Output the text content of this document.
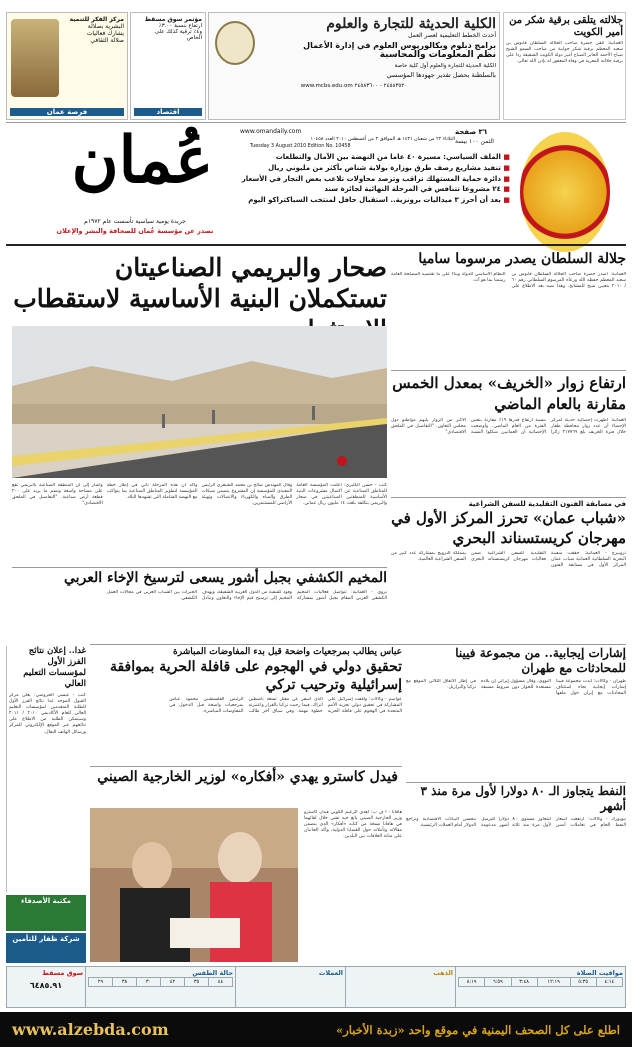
جلالته يتلقى برقية شكر من أمير الكويت
العمانية: تلقى حضرة صاحب الجلالة السلطان قابوس بن سعيد المعظم برقية شكر جوابية من صاحب السمو الشيخ صباح الأحمد الجابر الصباح أمير دولة الكويت الشقيقة ردا على برقية جلالته المعزية في وفاة المغفور له بإذن الله تعالى.
الكلية الحديثة للتجارة والعلوم
أحدث الخطط التعليمية لعصر العمل
برامج دبلوم وبكالوريوس العلوم في إدارة الأعمال
نظم المعلومات والمحاسبة
الكلية الحديثة للتجارة والعلوم أول كلية خاصة
بالسلطنة بحصل تقدير جهودها المؤسسي
www.mcbs.edu.om ٢٤٥٨٣٥٢٠ - ٢٤٥٨٣٦٠٠
مؤتمر سوق مسقط
ارتفاع بنسبة ٣.٠٠٪
و٤٪ ترقية كذلك على
الخاص
اقتصاد
مركز الفكر للتنمية
البشرية بصلالة
يشارك فعاليات
صلالة الثقافي
فرصة عمان
٣٦ صفحة
الثمن ١٠٠ بيسة
www.omandaily.com
الثلاثاء ٢٢ من شعبان ١٤٣١ هـ الموافق ٣ من أغسطس ٢٠١٠ العدد ١٠٤٥٨
Tuesday 3 August 2010 Edition No. 10458
■ الملف السياسي: مسيرة ٤٠ عاما من النهضة بين الآمال والتطلعات
■ تنفيذ مشاريع رصف طرق بوزارة بولاية شناص بأكثر من مليوني ريال
■ دائرة حماية المستهلك تراقب وترصد محاولات تلاعب بعض التجار في الأسعار
■ ٢٤ مشروعا تتنافس في المرحلة النهائية لجائزة سند
■ بعد أن أحرز ٣ ميداليات برونزية.. استقبال حافل لمنتخب السباكتراكو اليوم
عُمان
جريدة يومية سياسية تأسست عام ١٩٧٢م
تصدر عن مؤسسة عُمان للصحافة والنشر والإعلان
جلالة السلطان يصدر مرسوما ساميا
العمانية: أصدر حضرة صاحب الجلالة السلطان قابوس بن سعيد المعظم حفظه الله ورعاه المرسوم السلطاني رقم ٦٠ / ٢٠١٠ بتعيين شيخ للمشايخ. وهذا نصه بعد الاطلاع على النظام الأساسي للدولة وبناء على ما تقتضيه المصلحة العامة رسمنا بما هو آت.
صحار والبريمي الصناعيتان تستكملان البنية الأساسية لاستقطاب
كتب - حسن الكثيري: أعلنت المؤسسة العامة للمناطق الصناعية عن اكتمال مشروعات البنية الأساسية للمنطقتين الصناعيتين في صحار والبريمي بتكلفة بلغت ١٤ مليون ريال عماني.
وقال المهندس صالح بن محمد الشنفري الرئيس التنفيذي للمؤسسة إن المشروع يتضمن شبكات الطرق والمياه والكهرباء والاتصالات وتهيئة الأراضي للمستثمرين.
وأكد أن هذه المرحلة تأتي في إطار خطة المؤسسة لتطوير المناطق الصناعية بما يتواكب مع النهضة الشاملة التي تشهدها البلاد.
وأشار إلى أن المنطقة الصناعية بالبريمي تقع على مساحة واسعة وتضم ما يزيد على ٢٠٠ قطعة أرض صناعية. "التفاصيل في الملحق الاقتصادي"
ارتفاع زوار «الخريف» بمعدل الخمس مقارنة بالعام الماضي
العمانية: أظهرت إحصائية حديثة لمركز الإحصاء أن عدد زوار محافظة ظفار خلال فترة الخريف بلغ ٢١٧٧٦٩ زائرا بنسبة ارتفاع قدرها ١٩٪ مقارنة بنفس الفترة من العام الماضي. وأوضحت الإحصائية أن العمانيين شكلوا النسبة الأكبر من الزوار يليهم مواطنو دول مجلس التعاون. "التفاصيل في الملحق الاقتصادي"
في مسابقة الفنون التقليدية للسفن الشراعية
«شباب عمان» تحرز المركز الأول في مهرجان كريستسناند البحري
تروبيرج - العمانية: حققت سفينة البحرية السلطانية العمانية شباب عمان المركز الأول في مسابقة الفنون التقليدية للسفن الشراعية ضمن فعاليات مهرجان كريستسناند البحري بمملكة النرويج بمشاركة عدد كبير من السفن الشراعية العالمية.
المخيم الكشفي بجبل أشور يسعى لترسيخ الإخاء العربي
نزوى - العمانية: تتواصل فعاليات المخيم الكشفي العربي المقام بجبل أشور بمشاركة وفود كشفية من الدول العربية الشقيقة، ويهدف المخيم إلى ترسيخ قيم الإخاء والتعاون وتبادل الخبرات بين الشباب العربي في مجالات العمل الكشفي.
غدا.. إعلان نتائج الفرز الأول لمؤسسات التعليم العالي
كتب - عيسى الخروصي: يعلن مركز القبول الموحد غدا نتائج الفرز الأول للطلبة المتقدمين لمؤسسات التعليم العالي للعام الأكاديمي ٢٠١٠ / ٢٠١١ وسيتمكن الطلبة من الاطلاع على نتائجهم عبر الموقع الإلكتروني للمركز ورسائل الهاتف النقال.
عباس يطالب بمرجعيات واضحة قبل بدء المفاوضات المباشرة
تحقيق دولي في الهجوم على قافلة الحرية بموافقة إسرائيلية وترحيب تركي
عواصم - وكالات: وافقت إسرائيل على المشاركة في تحقيق دولي تجريه الأمم المتحدة في الهجوم على قافلة الحرية الذي أسفر عن مقتل تسعة ناشطين أتراك، فيما رحبت تركيا بالقرار واعتبرته خطوة مهمة. وفي سياق آخر طالب الرئيس الفلسطيني محمود عباس بمرجعيات واضحة قبل الدخول في المفاوضات المباشرة.
إشارات إيجابية.. من مجموعة فيينا للمحادثات مع طهران
طهران - وكالات: أبدت مجموعة فيينا إشارات إيجابية تجاه استئناف المحادثات مع إيران حول ملفها النووي، وقال مسؤول إيراني إن بلاده مستعدة للحوار دون شروط مسبقة في إطار الاتفاق الثلاثي الموقع مع تركيا والبرازيل.
النفط يتجاوز الـ ٨٠ دولارا لأول مرة منذ ٣ أشهر
نيويورك - وكالات: ارتفعت أسعار النفط الخام في تعاملات أمس لتتجاوز مستوى ٨٠ دولارا للبرميل لأول مرة منذ ثلاثة أشهر مدعومة بتحسن البيانات الاقتصادية وتراجع الدولار أمام العملات الرئيسية.
فيدل كاسترو يهدي «أفكاره» لوزير الخارجية الصيني
هافانا - أ ف ب: أهدى الزعيم الكوبي فيدل كاسترو وزير الخارجية الصيني يانغ جيه تشي خلال لقائهما في هافانا نسخة من كتابه «أفكار» الذي يتضمن مقالاته وتأملاته حول القضايا الدولية، وأكد الجانبان على متانة العلاقات بين البلدين.
مكتبة الأصدقاء
شركة ظفار للتأمين
مواقيت الصلاة
٤:١٤	٥:٣٥	١٢:١٩	٣:٤٨	٦:٥٩	٨:١٩
الذهب
العملات
حالة الطقس
٤٤	٣٥	٤٢	٣٠	٣٨	٢٩
سوق مسقط
٦٤٨٥.٩١
اطلع على كل الصحف اليمنية في موقع واحد «زبدة الأخبار»
www.alzebda.com
